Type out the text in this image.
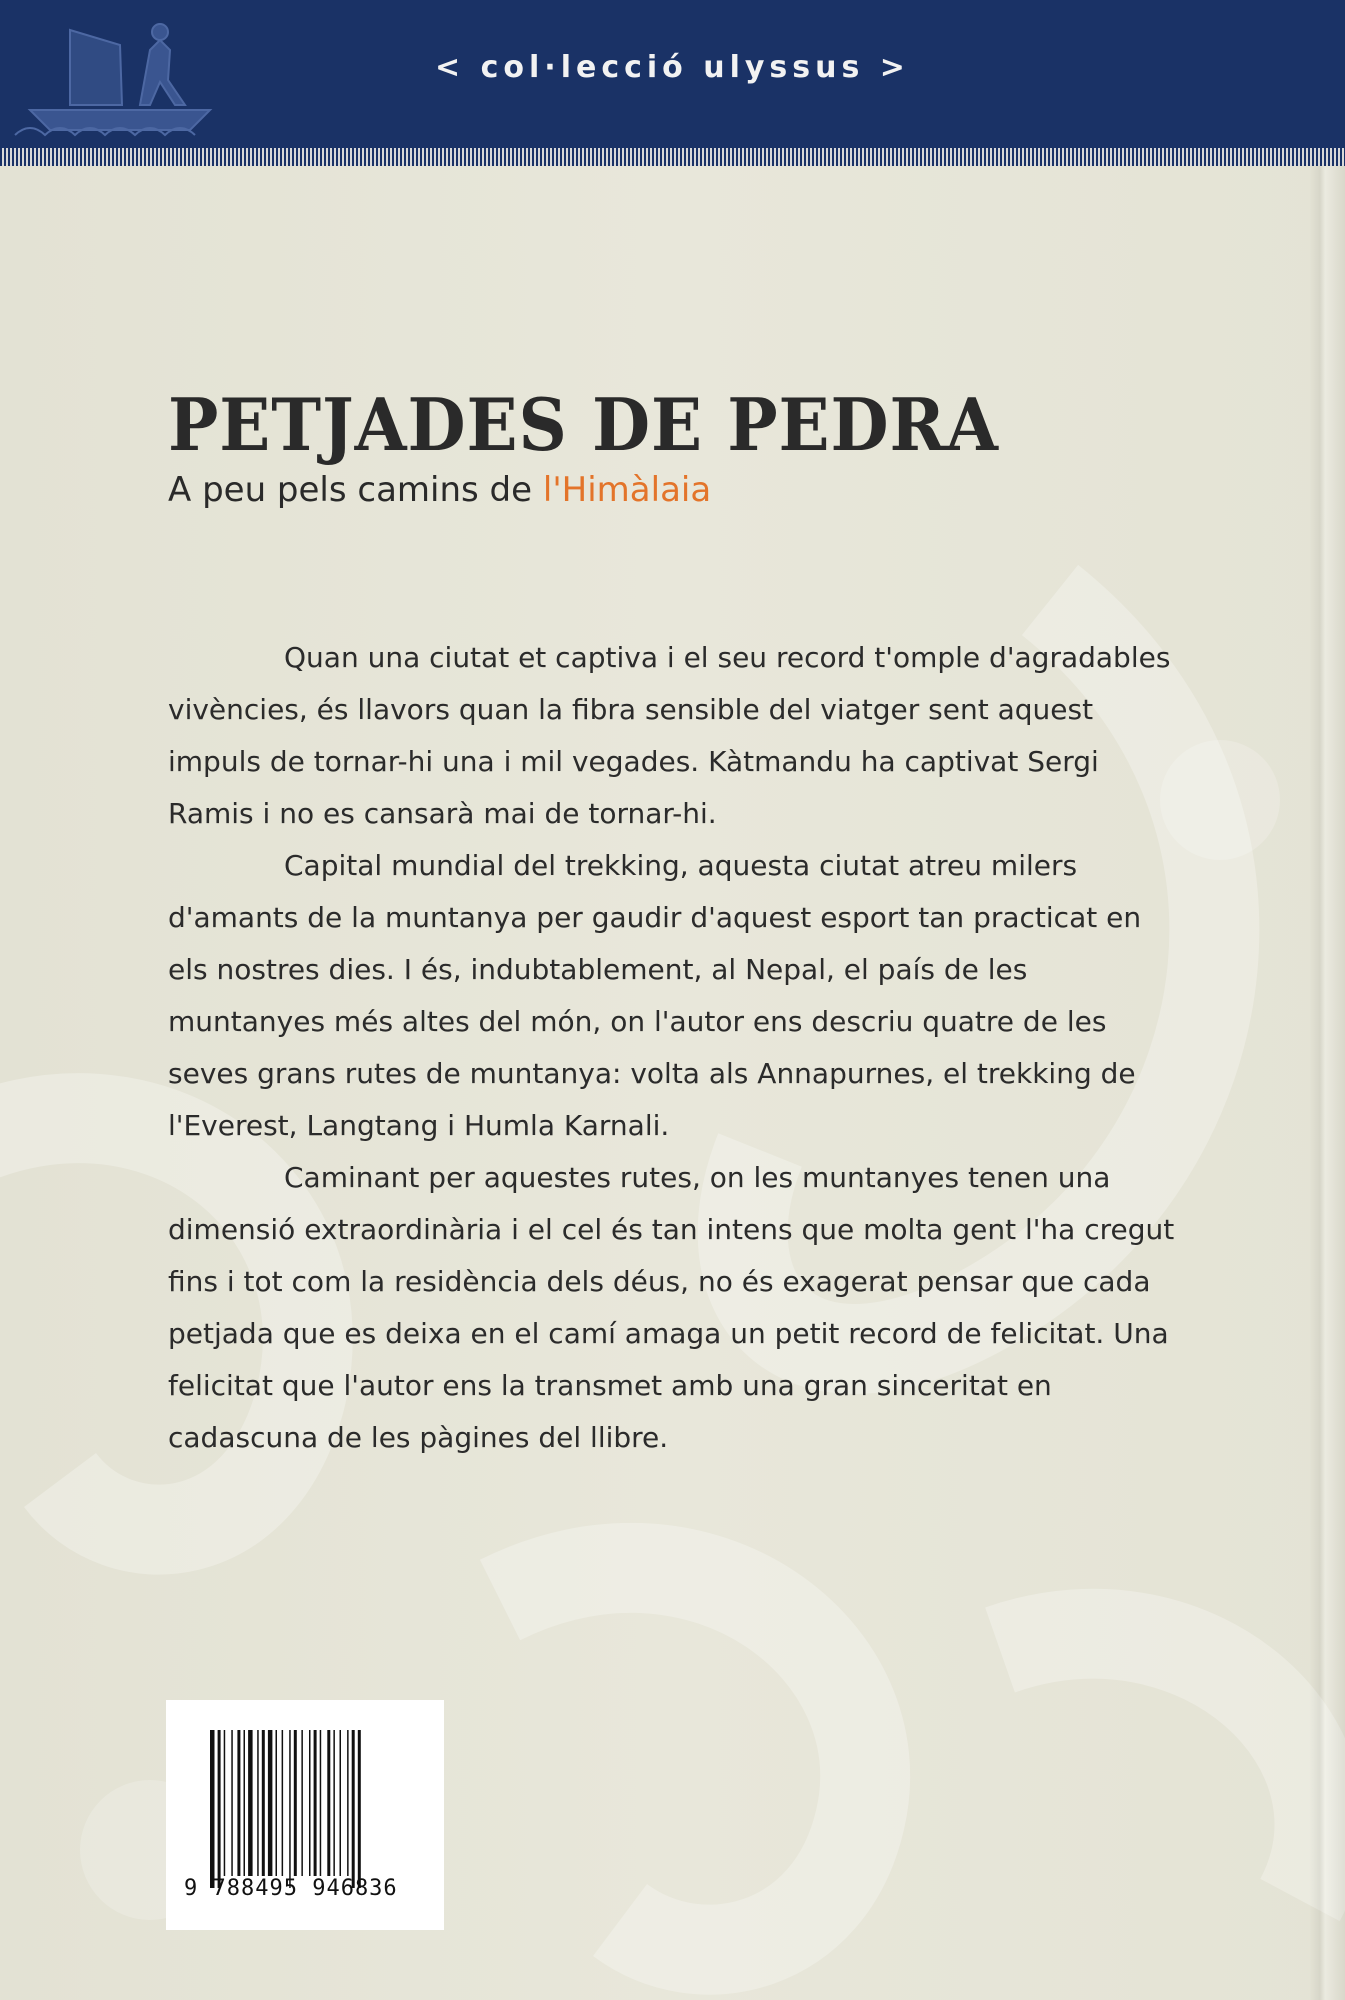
< col·lecció ulyssus >
PETJADES DE PEDRA
A peu pels camins de l'Himàlaia

Quan una ciutat et captiva i el seu record t'omple d'agradables vivències, és llavors quan la fibra sensible del viatger sent aquest impuls de tornar-hi una i mil vegades. Kàtmandu ha captivat Sergi Ramis i no es cansarà mai de tornar-hi.

Capital mundial del trekking, aquesta ciutat atreu milers d'amants de la muntanya per gaudir d'aquest esport tan practicat en els nostres dies. I és, indubtablement, al Nepal, el país de les muntanyes més altes del món, on l'autor ens descriu quatre de les seves grans rutes de muntanya: volta als Annapurnes, el trekking de l'Everest, Langtang i Humla Karnali.

Caminant per aquestes rutes, on les muntanyes tenen una dimensió extraordinària i el cel és tan intens que molta gent l'ha cregut fins i tot com la residència dels déus, no és exagerat pensar que cada petjada que es deixa en el camí amaga un petit record de felicitat. Una felicitat que l'autor ens la transmet amb una gran sinceritat en cadascuna de les pàgines del llibre.

9 788495 946836
